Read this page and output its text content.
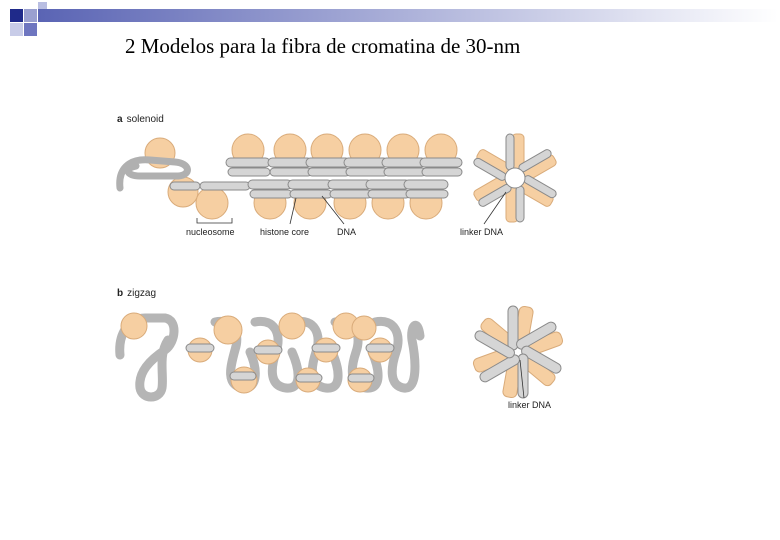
2 Modelos para la fibra de cromatina de 30-nm
a solenoid
nucleosome	histone core	DNA	linker DNA
b zigzag
linker DNA
